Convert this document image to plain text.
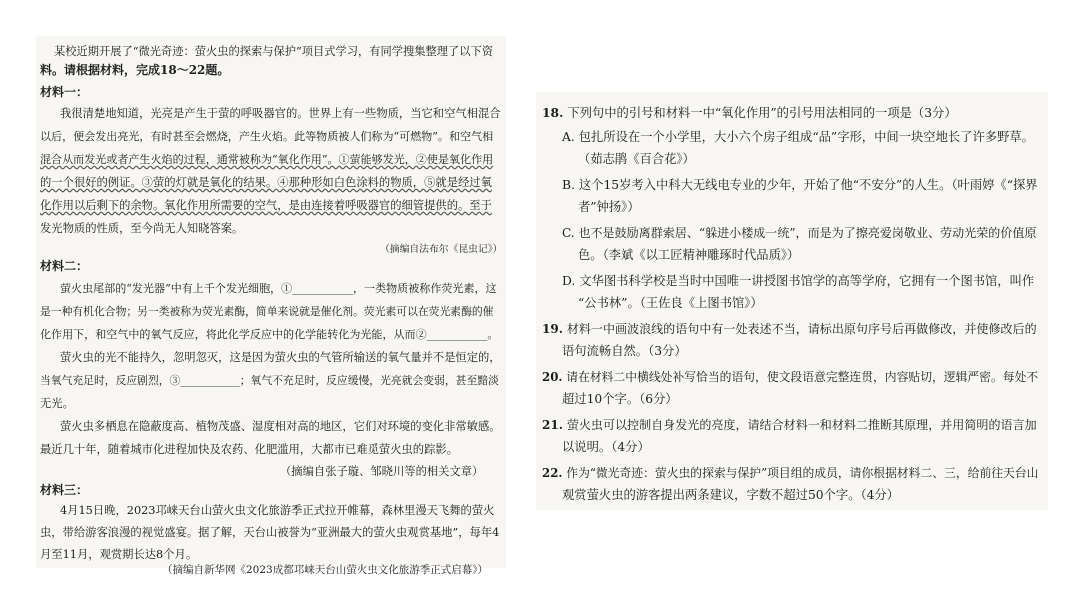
某校近期开展了“微光奇迹：萤火虫的探索与保护”项目式学习，有同学搜集整理了以下资

料。请根据材料，完成18～22题。

材料一：

我很清楚地知道，光亮是产生于萤的呼吸器官的。世界上有一些物质，当它和空气相混合

以后，便会发出亮光，有时甚至会燃烧，产生火焰。此等物质被人们称为“可燃物”。和空气相

混合从而发光或者产生火焰的过程，通常被称为“氧化作用”。①萤能够发光，②使是氧化作用

的一个很好的例证。③萤的灯就是氧化的结果。④那种形如白色涂料的物质，⑤就是经过氧

化作用以后剩下的余物。氧化作用所需要的空气，是由连接着呼吸器官的细管提供的。至于

发光物质的性质，至今尚无人知晓答案。

（摘编自法布尔《昆虫记》）

材料二：

萤火虫尾部的“发光器”中有上千个发光细胞，①___________，一类物质被称作荧光素，这

是一种有机化合物；另一类被称为荧光素酶，简单来说就是催化剂。荧光素可以在荧光素酶的催

化作用下，和空气中的氧气反应，将此化学反应中的化学能转化为光能，从而②___________。

萤火虫的光不能持久，忽明忽灭，这是因为萤火虫的气管所输送的氧气量并不是恒定的，

当氧气充足时，反应剧烈，③___________；氧气不充足时，反应缓慢，光亮就会变弱，甚至黯淡

无光。

萤火虫多栖息在隐蔽度高、植物茂盛、湿度相对高的地区，它们对环境的变化非常敏感。

最近几十年，随着城市化进程加快及农药、化肥滥用，大都市已难觅萤火虫的踪影。

（摘编自张子璇、邹晓川等的相关文章）

材料三：

4月15日晚，2023邛崃天台山萤火虫文化旅游季正式拉开帷幕，森林里漫天飞舞的萤火

虫，带给游客浪漫的视觉盛宴。据了解，天台山被誉为“亚洲最大的萤火虫观赏基地”，每年4

月至11月，观赏期长达8个月。

（摘编自新华网《2023成都邛崃天台山萤火虫文化旅游季正式启幕》）

18. 下列句中的引号和材料一中“氧化作用”的引号用法相同的一项是（3分）

A. 包扎所设在一个小学里，大小六个房子组成“品”字形，中间一块空地长了许多野草。

（茹志鹃《百合花》）

B. 这个15岁考入中科大无线电专业的少年，开始了他“不安分”的人生。（叶雨婷《“探界

者”钟扬》）

C. 也不是鼓励离群索居、“躲进小楼成一统”，而是为了擦亮爱岗敬业、劳动光荣的价值原

色。（李斌《以工匠精神雕琢时代品质》）

D. 文华图书科学校是当时中国唯一讲授图书馆学的高等学府，它拥有一个图书馆，叫作

“公书林”。（王佐良《上图书馆》）

19. 材料一中画波浪线的语句中有一处表述不当，请标出原句序号后再做修改，并使修改后的

语句流畅自然。（3分）

20. 请在材料二中横线处补写恰当的语句，使文段语意完整连贯，内容贴切，逻辑严密。每处不

超过10个字。（6分）

21. 萤火虫可以控制自身发光的亮度，请结合材料一和材料二推断其原理，并用简明的语言加

以说明。（4分）

22. 作为“微光奇迹：萤火虫的探索与保护”项目组的成员，请你根据材料二、三，给前往天台山

观赏萤火虫的游客提出两条建议，字数不超过50个字。（4分）
